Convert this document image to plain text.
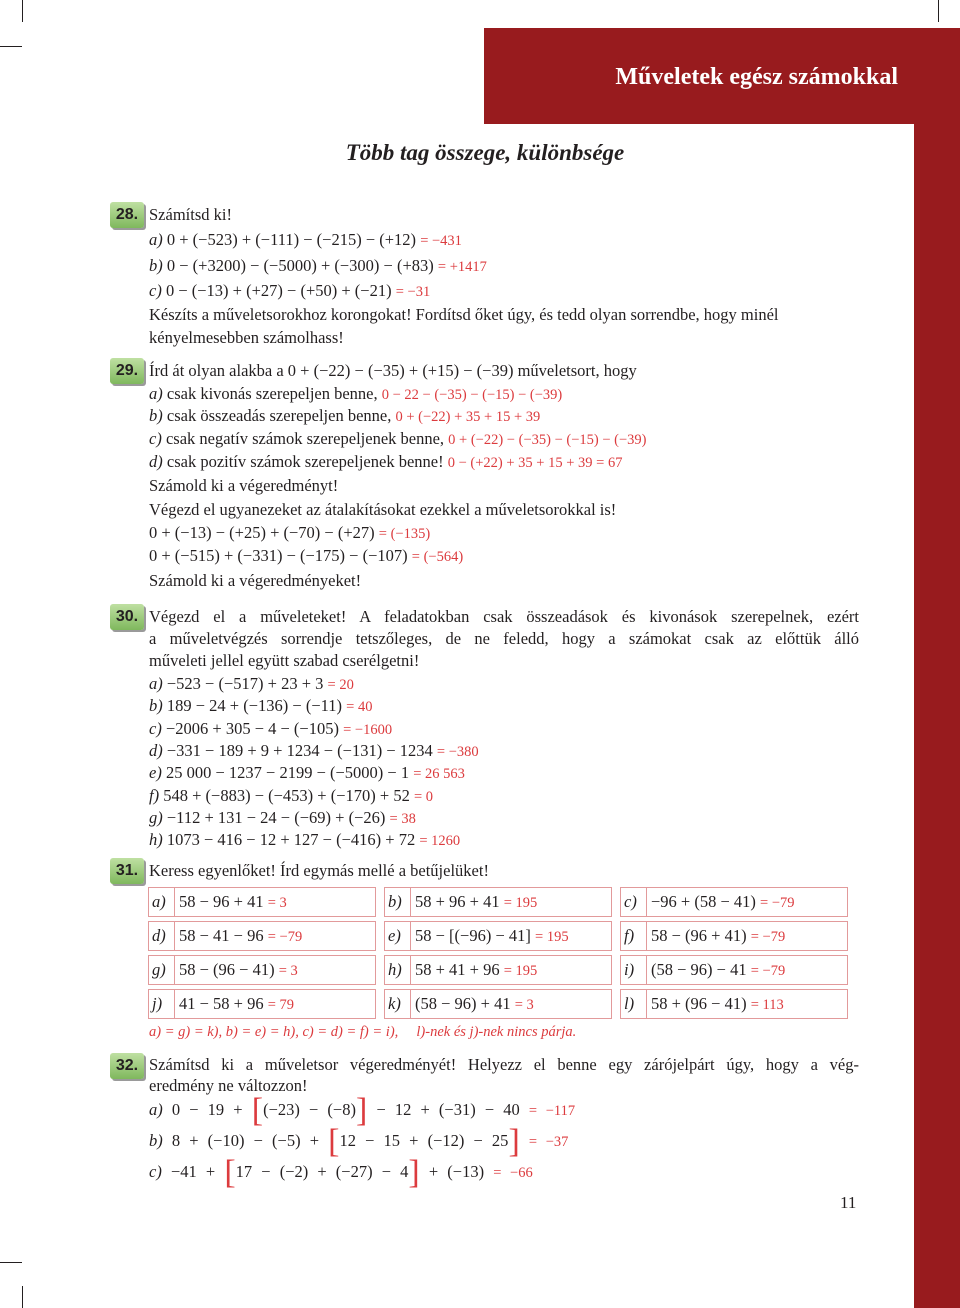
Műveletek egész számokkal
Több tag összege, különbsége
28. Számítsd ki!
a) 0 + (−523) + (−111) − (−215) − (+12) = −431
b) 0 − (+3200) − (−5000) + (−300) − (+83) = +1417
c) 0 − (−13) + (+27) − (+50) + (−21) = −31
Készíts a műveletsorokhoz korongokat! Fordítsd őket úgy, és tedd olyan sorrendbe, hogy minél
kényelmesebben számolhass!
29. Írd át olyan alakba a 0 + (−22) − (−35) + (+15) − (−39) műveletsort, hogy
a) csak kivonás szerepeljen benne, 0 − 22 − (−35) − (−15) − (−39)
b) csak összeadás szerepeljen benne, 0 + (−22) + 35 + 15 + 39
c) csak negatív számok szerepeljenek benne, 0 + (−22) − (−35) − (−15) − (−39)
d) csak pozitív számok szerepeljenek benne! 0 − (+22) + 35 + 15 + 39 = 67
Számold ki a végeredményt!
Végezd el ugyanezeket az átalakításokat ezekkel a műveletsorokkal is!
0 + (−13) − (+25) + (−70) − (+27) = (−135)
0 + (−515) + (−331) − (−175) − (−107) = (−564)
Számold ki a végeredményeket!
30. Végezd el a műveleteket! A feladatokban csak összeadások és kivonások szerepelnek, ezért
a műveletvégzés sorrendje tetszőleges, de ne feledd, hogy a számokat csak az előttük álló
műveleti jellel együtt szabad cserélgetni!
a) −523 − (−517) + 23 + 3 = 20
b) 189 − 24 + (−136) − (−11) = 40
c) −2006 + 305 − 4 − (−105) = −1600
d) −331 − 189 + 9 + 1234 − (−131) − 1234 = −380
e) 25 000 − 1237 − 2199 − (−5000) − 1 = 26 563
f) 548 + (−883) − (−453) + (−170) + 52 = 0
g) −112 + 131 − 24 − (−69) + (−26) = 38
h) 1073 − 416 − 12 + 127 − (−416) + 72 = 1260
31. Keress egyenlőket! Írd egymás mellé a betűjelüket!
a) 58 − 96 + 41 = 3	b) 58 + 96 + 41 = 195	c) −96 + (58 − 41) = −79
d) 58 − 41 − 96 = −79	e) 58 − [(−96) − 41] = 195	f) 58 − (96 + 41) = −79
g) 58 − (96 − 41) = 3	h) 58 + 41 + 96 = 195	i) (58 − 96) − 41 = −79
j) 41 − 58 + 96 = 79	k) (58 − 96) + 41 = 3	l) 58 + (96 − 41) = 113
a) = g) = k), b) = e) = h), c) = d) = f) = i), l)-nek és j)-nek nincs párja.
32. Számítsd ki a műveletsor végeredményét! Helyezz el benne egy zárójelpárt úgy, hogy a vég-
eredmény ne változzon!
a) 0 − 19 + [(−23) − (−8)] − 12 + (−31) − 40 = −117
b) 8 + (−10) − (−5) + [12 − 15 + (−12) − 25] = −37
c) −41 + [17 − (−2) + (−27) − 4] + (−13) = −66
11
